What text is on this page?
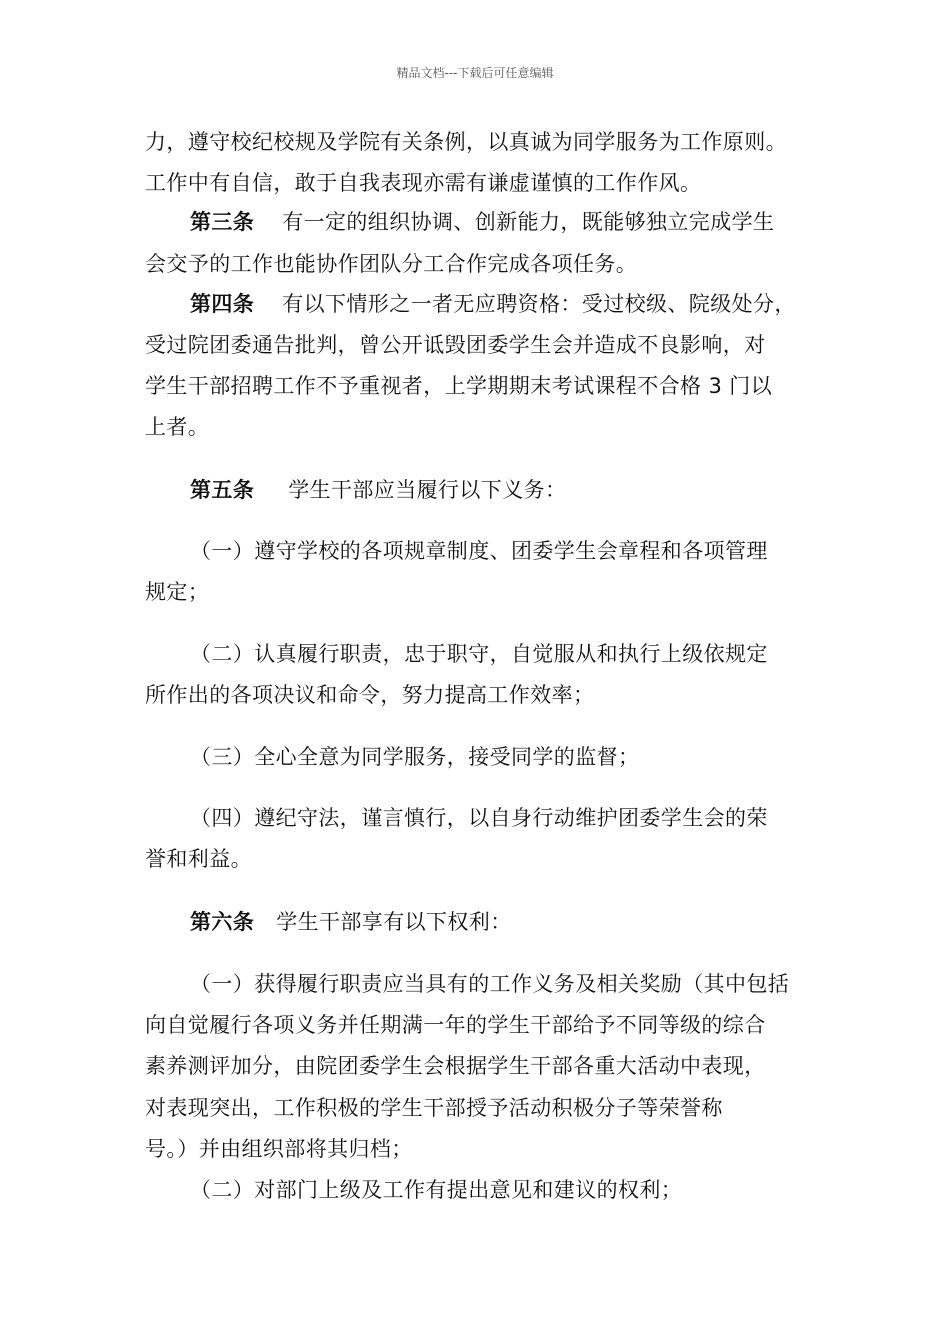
精品文档---下载后可任意编辑
力，遵守校纪校规及学院有关条例，以真诚为同学服务为工作原则。
工作中有自信，敢于自我表现亦需有谦虚谨慎的工作作风。
第三条 有一定的组织协调、创新能力，既能够独立完成学生
会交予的工作也能协作团队分工合作完成各项任务。
第四条 有以下情形之一者无应聘资格：受过校级、院级处分，
受过院团委通告批判，曾公开诋毁团委学生会并造成不良影响，对
学生干部招聘工作不予重视者，上学期期末考试课程不合格 3 门以
上者。
第五条 学生干部应当履行以下义务：
（一）遵守学校的各项规章制度、团委学生会章程和各项管理
规定；
（二）认真履行职责，忠于职守，自觉服从和执行上级依规定
所作出的各项决议和命令，努力提高工作效率；
（三）全心全意为同学服务，接受同学的监督；
（四）遵纪守法，谨言慎行，以自身行动维护团委学生会的荣
誉和利益。
第六条 学生干部享有以下权利：
（一）获得履行职责应当具有的工作义务及相关奖励（其中包括
向自觉履行各项义务并任期满一年的学生干部给予不同等级的综合
素养测评加分，由院团委学生会根据学生干部各重大活动中表现，
对表现突出，工作积极的学生干部授予活动积极分子等荣誉称
号。）并由组织部将其归档；
（二）对部门上级及工作有提出意见和建议的权利；
